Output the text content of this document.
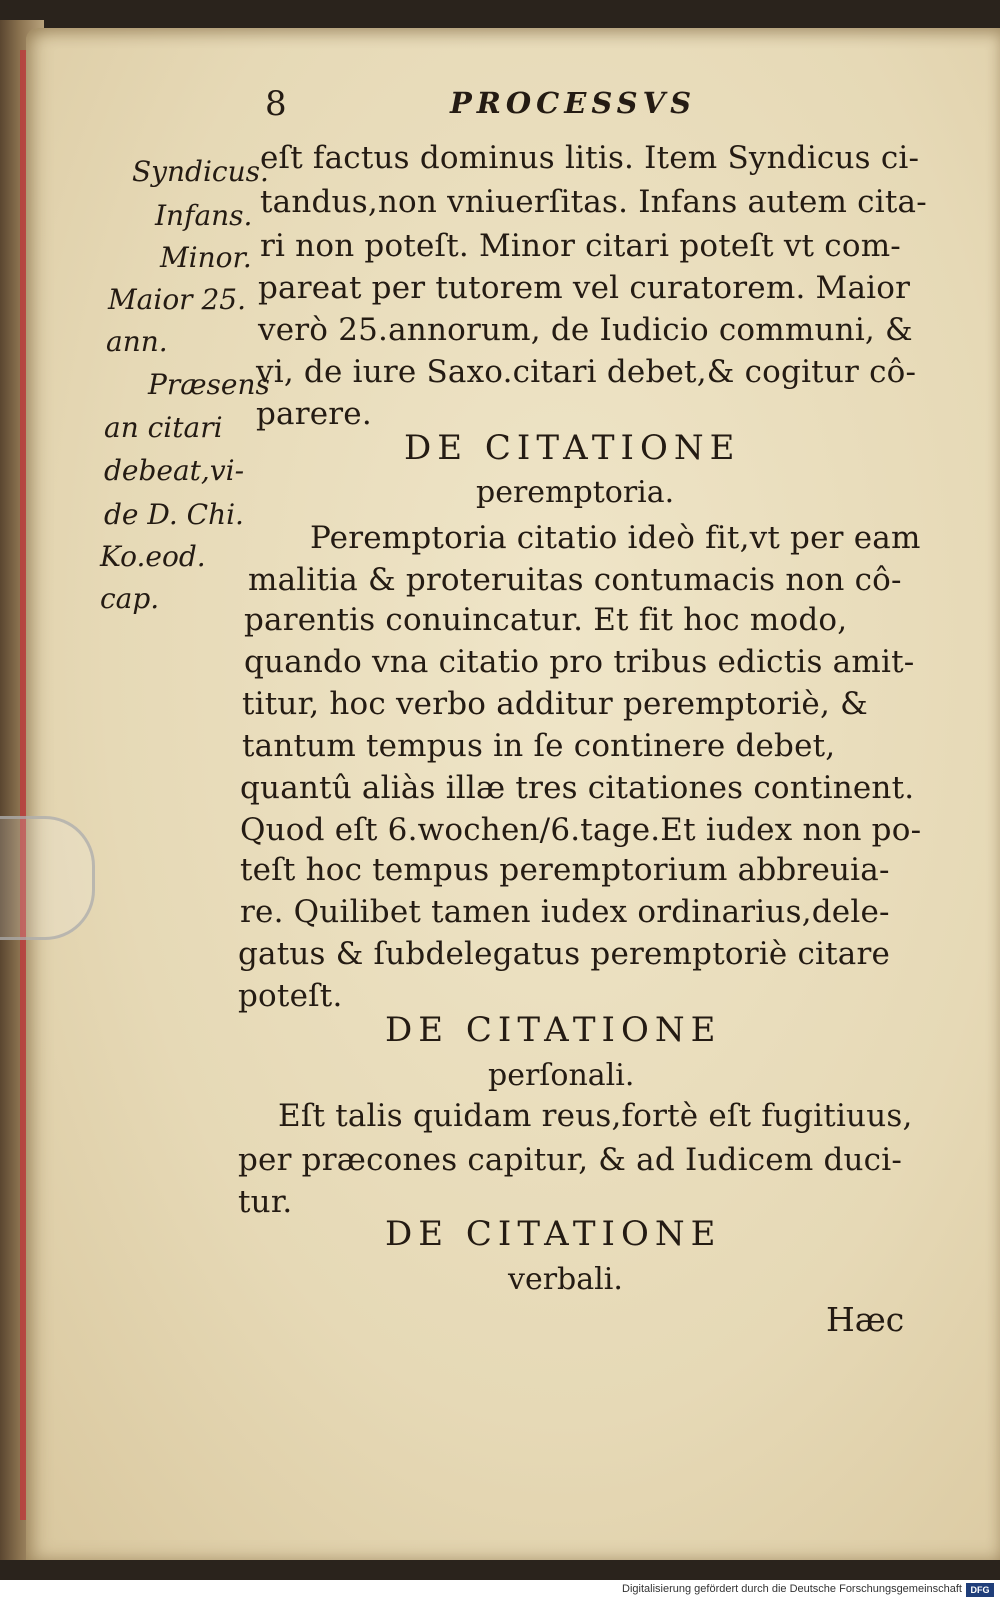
8	PROCESSVS
Syndicus.
Infans.
Minor.
Maior 25.
ann.
Præsens
an citari
debeat,vi-
de D. Chi.
Ko.eod.
cap.
eſt factus dominus litis. Item Syndicus ci-
tandus,non vniuerſitas. Infans autem cita-
ri non poteſt. Minor citari poteſt vt com-
pareat per tutorem vel curatorem. Maior
verò 25.annorum, de Iudicio communi, &
vi, de iure Saxo.citari debet,& cogitur cô-
parere.
DE CITATIONE
peremptoria.
Peremptoria citatio ideò fit,vt per eam
malitia & proteruitas contumacis non cô-
parentis conuincatur. Et fit hoc modo,
quando vna citatio pro tribus edictis amit-
titur, hoc verbo additur peremptoriè, &
tantum tempus in ſe continere debet,
quantû aliàs illæ tres citationes continent.
Quod eſt 6.wochen/6.tage.Et iudex non po-
teſt hoc tempus peremptorium abbreuia-
re. Quilibet tamen iudex ordinarius,dele-
gatus & ſubdelegatus peremptoriè citare
poteſt.
DE CITATIONE
perſonali.
Eſt talis quidam reus,fortè eſt fugitiuus,
per præcones capitur, & ad Iudicem duci-
tur.
DE CITATIONE
verbali.
Hæc
Digitalisierung gefördert durch die Deutsche Forschungsgemeinschaft DFG
